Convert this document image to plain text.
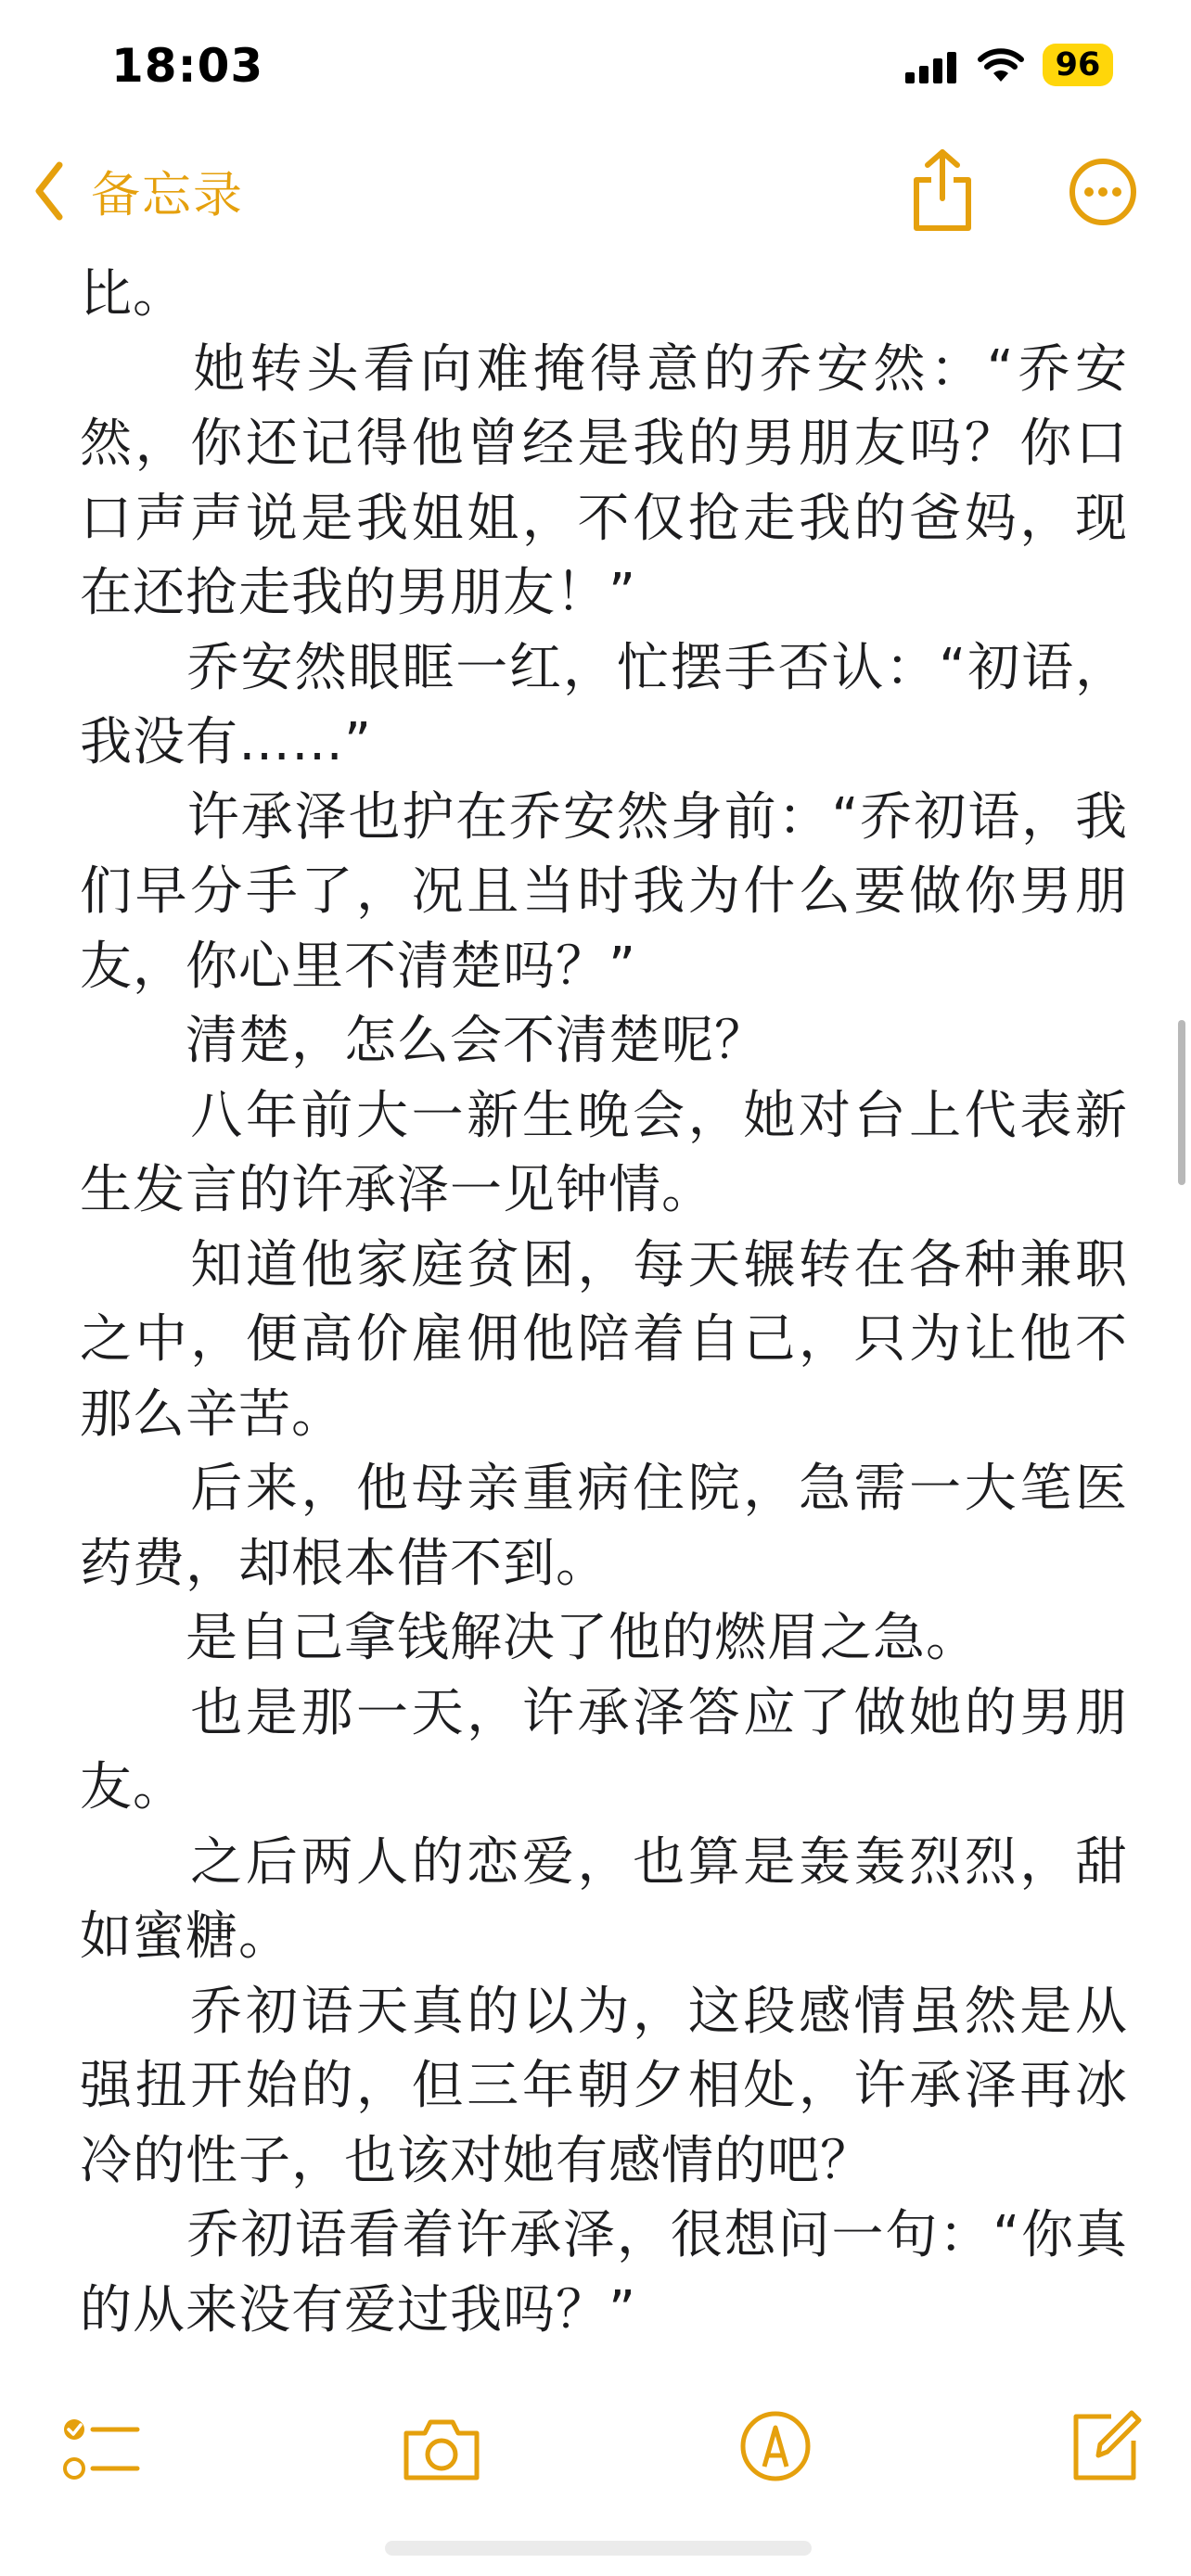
18:03	96
备忘录

比。

　　她转头看向难掩得意的乔安然：“乔安然，你还记得他曾经是我的男朋友吗？你口口声声说是我姐姐，不仅抢走我的爸妈，现在还抢走我的男朋友！”

　　乔安然眼眶一红，忙摆手否认：“初语，我没有……”

　　许承泽也护在乔安然身前：“乔初语，我们早分手了，况且当时我为什么要做你男朋友，你心里不清楚吗？”

　　清楚，怎么会不清楚呢？

　　八年前大一新生晚会，她对台上代表新生发言的许承泽一见钟情。

　　知道他家庭贫困，每天辗转在各种兼职之中，便高价雇佣他陪着自己，只为让他不那么辛苦。

　　后来，他母亲重病住院，急需一大笔医药费，却根本借不到。

　　是自己拿钱解决了他的燃眉之急。

　　也是那一天，许承泽答应了做她的男朋友。

　　之后两人的恋爱，也算是轰轰烈烈，甜如蜜糖。

　　乔初语天真的以为，这段感情虽然是从强扭开始的，但三年朝夕相处，许承泽再冰冷的性子，也该对她有感情的吧？

　　乔初语看着许承泽，很想问一句：“你真的从来没有爱过我吗？”
